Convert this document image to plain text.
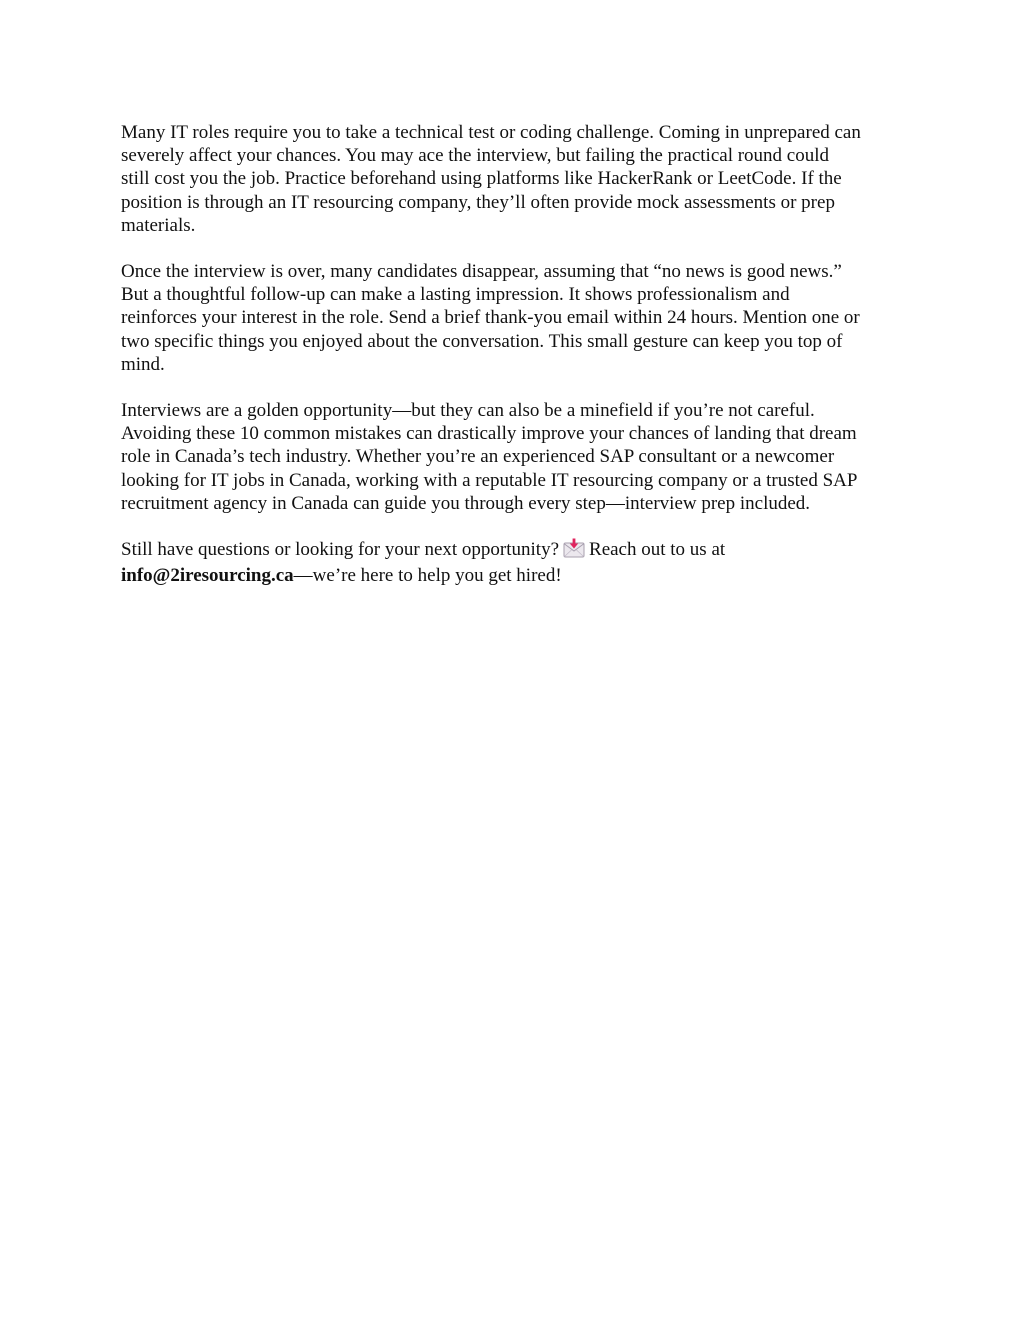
Many IT roles require you to take a technical test or coding challenge. Coming in unprepared can
severely affect your chances. You may ace the interview, but failing the practical round could
still cost you the job. Practice beforehand using platforms like HackerRank or LeetCode. If the
position is through an IT resourcing company, they’ll often provide mock assessments or prep
materials.
Once the interview is over, many candidates disappear, assuming that “no news is good news.”
But a thoughtful follow-up can make a lasting impression. It shows professionalism and
reinforces your interest in the role. Send a brief thank-you email within 24 hours. Mention one or
two specific things you enjoyed about the conversation. This small gesture can keep you top of
mind.
Interviews are a golden opportunity—but they can also be a minefield if you’re not careful.
Avoiding these 10 common mistakes can drastically improve your chances of landing that dream
role in Canada’s tech industry. Whether you’re an experienced SAP consultant or a newcomer
looking for IT jobs in Canada, working with a reputable IT resourcing company or a trusted SAP
recruitment agency in Canada can guide you through every step—interview prep included.
Still have questions or looking for your next opportunity? Reach out to us at
info@2iresourcing.ca—we’re here to help you get hired!
